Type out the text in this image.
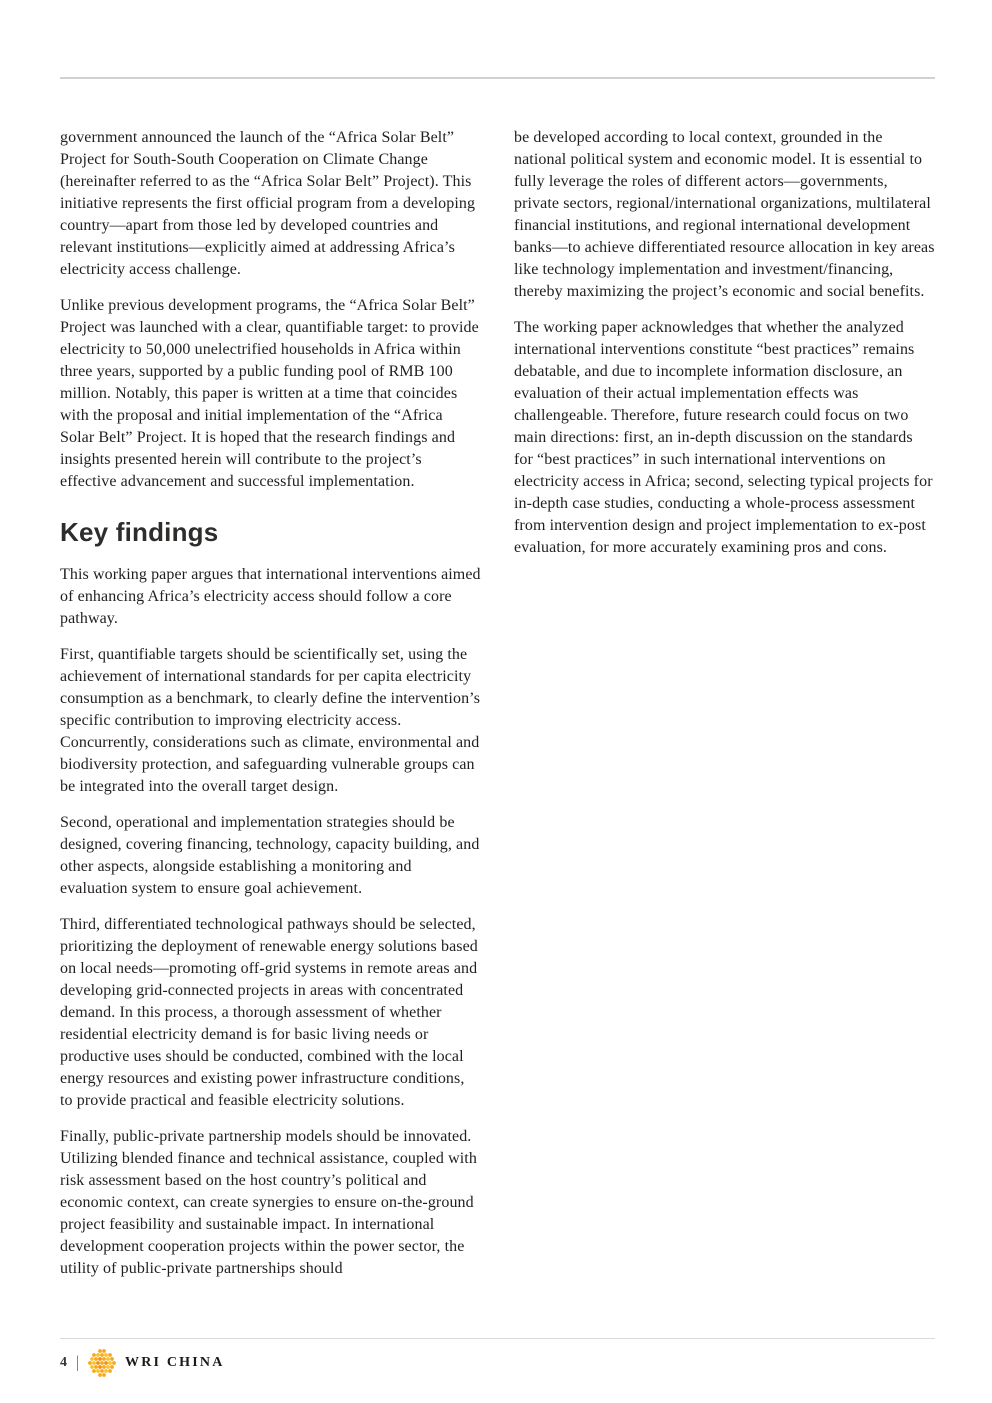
government announced the launch of the “Africa Solar Belt” Project for South-South Cooperation on Climate Change (hereinafter referred to as the “Africa Solar Belt” Project). This initiative represents the first official program from a developing country—apart from those led by developed countries and relevant institutions—explicitly aimed at addressing Africa’s electricity access challenge.

Unlike previous development programs, the “Africa Solar Belt” Project was launched with a clear, quantifiable target: to provide electricity to 50,000 unelectrified households in Africa within three years, supported by a public funding pool of RMB 100 million. Notably, this paper is written at a time that coincides with the proposal and initial implementation of the “Africa Solar Belt” Project. It is hoped that the research findings and insights presented herein will contribute to the project’s effective advancement and successful implementation.

Key findings

This working paper argues that international interventions aimed of enhancing Africa’s electricity access should follow a core pathway.

First, quantifiable targets should be scientifically set, using the achievement of international standards for per capita electricity consumption as a benchmark, to clearly define the intervention’s specific contribution to improving electricity access. Concurrently, considerations such as climate, environmental and biodiversity protection, and safeguarding vulnerable groups can be integrated into the overall target design.

Second, operational and implementation strategies should be designed, covering financing, technology, capacity building, and other aspects, alongside establishing a monitoring and evaluation system to ensure goal achievement.

Third, differentiated technological pathways should be selected, prioritizing the deployment of renewable energy solutions based on local needs—promoting off-grid systems in remote areas and developing grid-connected projects in areas with concentrated demand. In this process, a thorough assessment of whether residential electricity demand is for basic living needs or productive uses should be conducted, combined with the local energy resources and existing power infrastructure conditions, to provide practical and feasible electricity solutions.

Finally, public-private partnership models should be innovated. Utilizing blended finance and technical assistance, coupled with risk assessment based on the host country’s political and economic context, can create synergies to ensure on-the-ground project feasibility and sustainable impact. In international development cooperation projects within the power sector, the utility of public-private partnerships should

be developed according to local context, grounded in the national political system and economic model. It is essential to fully leverage the roles of different actors—governments, private sectors, regional/international organizations, multilateral financial institutions, and regional international development banks—to achieve differentiated resource allocation in key areas like technology implementation and investment/financing, thereby maximizing the project’s economic and social benefits.

The working paper acknowledges that whether the analyzed international interventions constitute “best practices” remains debatable, and due to incomplete information disclosure, an evaluation of their actual implementation effects was challengeable. Therefore, future research could focus on two main directions: first, an in-depth discussion on the standards for “best practices” in such international interventions on electricity access in Africa; second, selecting typical projects for in-depth case studies, conducting a whole-process assessment from intervention design and project implementation to ex-post evaluation, for more accurately examining pros and cons.

4 |	WRI CHINA
